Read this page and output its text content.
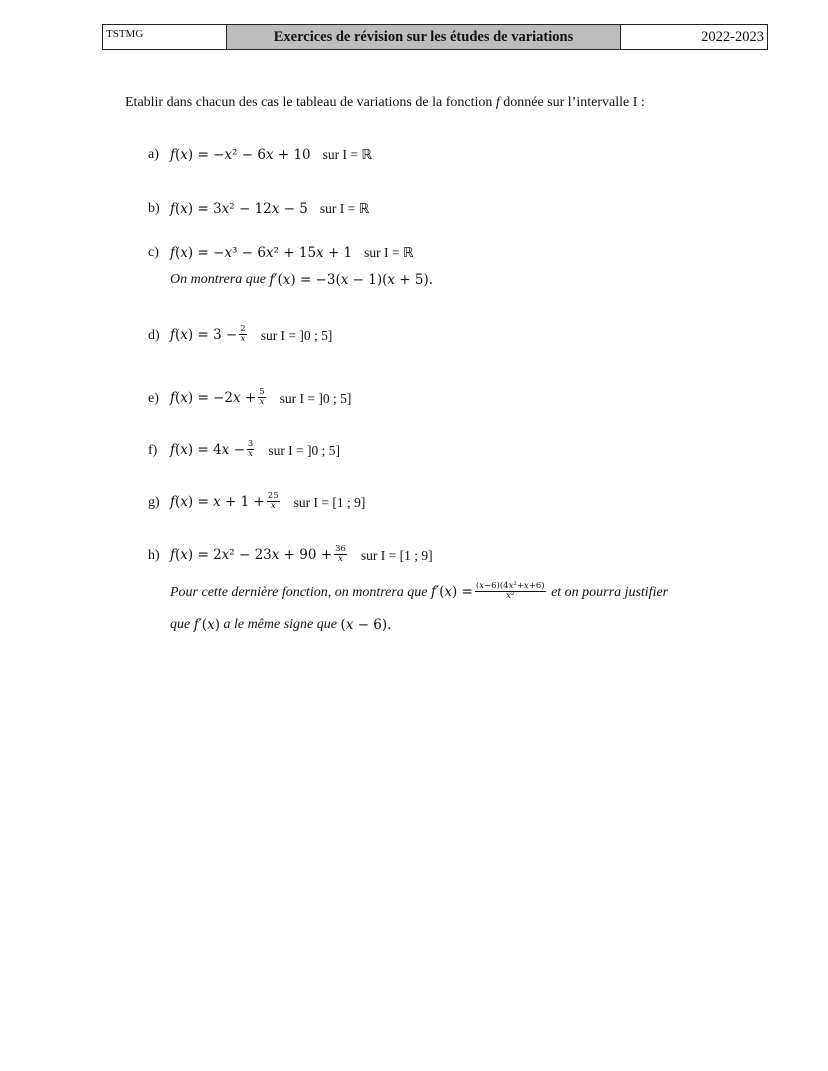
TSTMG	Exercices de révision sur les études de variations	2022-2023
Etablir dans chacun des cas le tableau de variations de la fonction f donnée sur l’intervalle I :
a) f(x) = −x² − 6x + 10 sur I = ℝ
b) f(x) = 3x² − 12x − 5 sur I = ℝ
c) f(x) = −x³ − 6x² + 15x + 1 sur I = ℝ
On montrera que
f′(x) = −3(x − 1)(x + 5).
d) $f(x) = 3 - \frac{2}{x}$ sur I = ]0 ; 5]
e) $f(x) = -2x + \frac{5}{x}$ sur I = ]0 ; 5]
f) $f(x) = 4x - \frac{3}{x}$ sur I = ]0 ; 5]
g) $f(x) = x + 1 + \frac{25}{x}$ sur I = [1 ; 9]
h) $f(x) = 2x^2 - 23x + 90 + \frac{36}{x}$ sur I = [1 ; 9]
Pour cette dernière fonction, on montrera que
$f'(x) = \frac{\text{(x−6)(4x²+x+6)}}{\text{x²}}$
et on pourra justifier
que
f′(x)
a le même signe que
(x − 6).
